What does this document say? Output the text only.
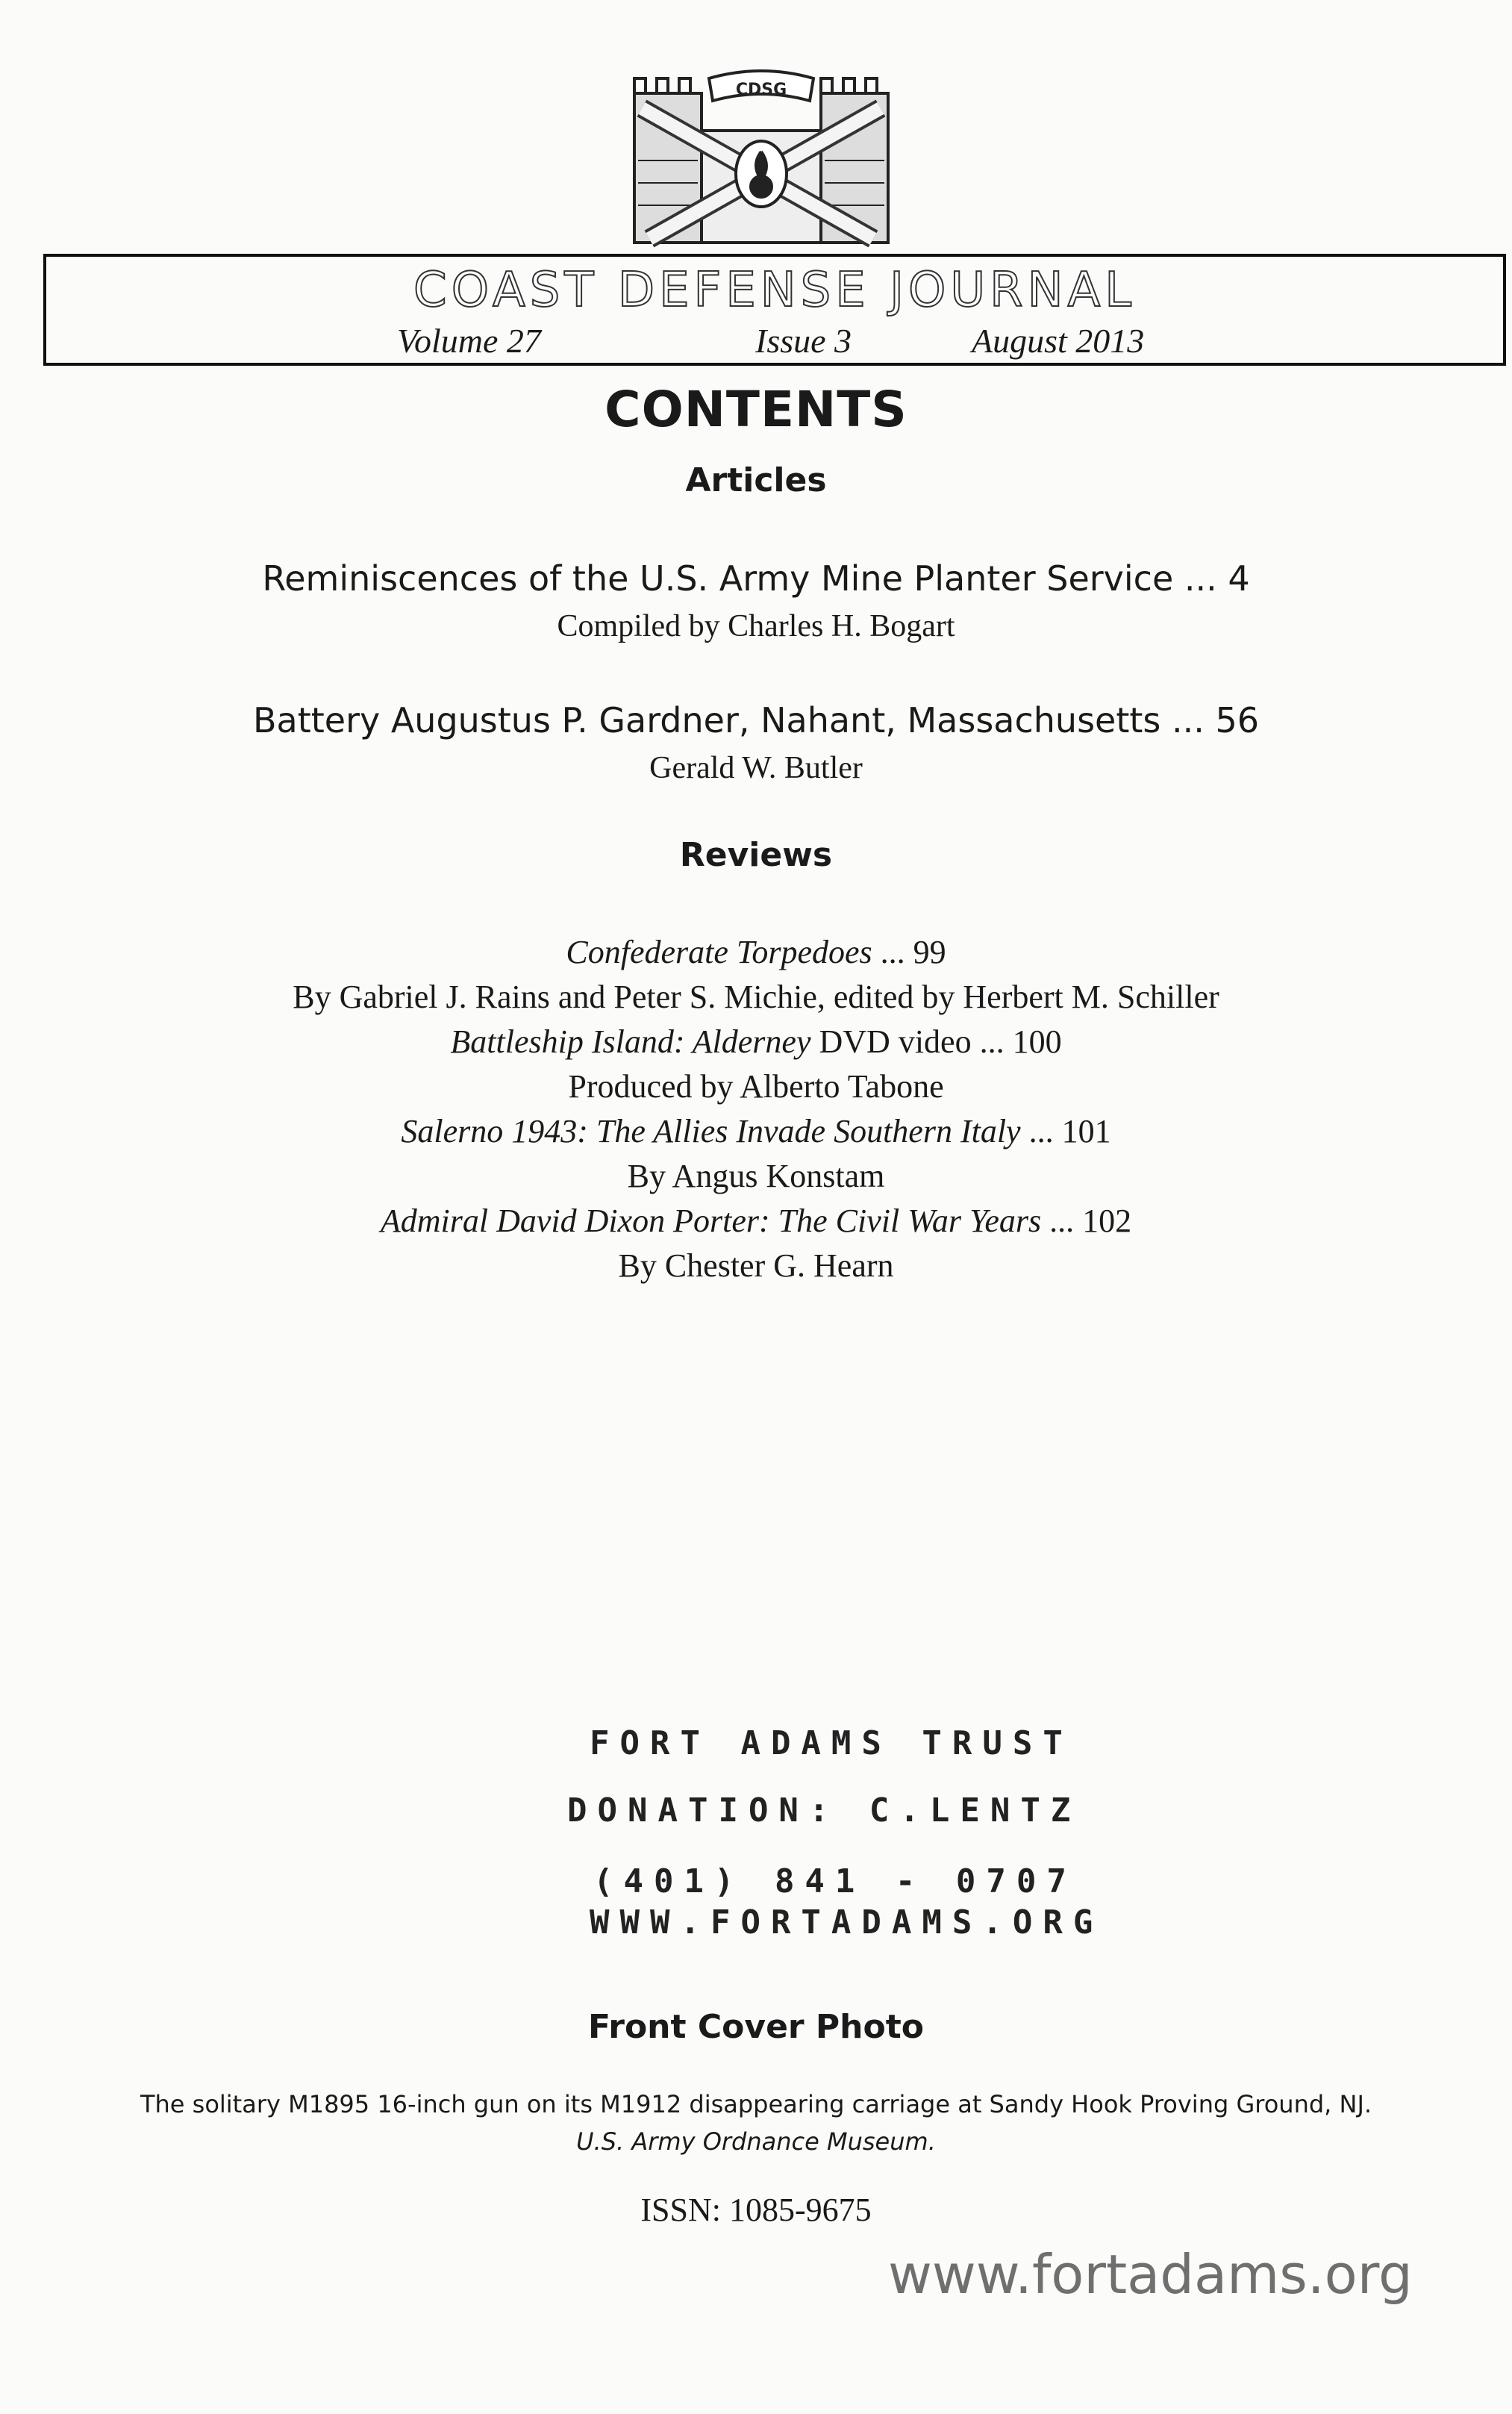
CDSG
COAST DEFENSE JOURNAL
Volume 27	Issue 3	August 2013
CONTENTS
Articles
Reminiscences of the U.S. Army Mine Planter Service ... 4
Compiled by Charles H. Bogart
Battery Augustus P. Gardner, Nahant, Massachusetts ... 56
Gerald W. Butler
Reviews
Confederate Torpedoes ... 99
By Gabriel J. Rains and Peter S. Michie, edited by Herbert M. Schiller
Battleship Island: Alderney DVD video ... 100
Produced by Alberto Tabone
Salerno 1943: The Allies Invade Southern Italy ... 101
By Angus Konstam
Admiral David Dixon Porter: The Civil War Years ... 102
By Chester G. Hearn
FORT ADAMS TRUST
DONATION: C.LENTZ
(401) 841 - 0707
WWW.FORTADAMS.ORG
Front Cover Photo
The solitary M1895 16-inch gun on its M1912 disappearing carriage at Sandy Hook Proving Ground, NJ.
U.S. Army Ordnance Museum.
ISSN: 1085-9675
www.fortadams.org
